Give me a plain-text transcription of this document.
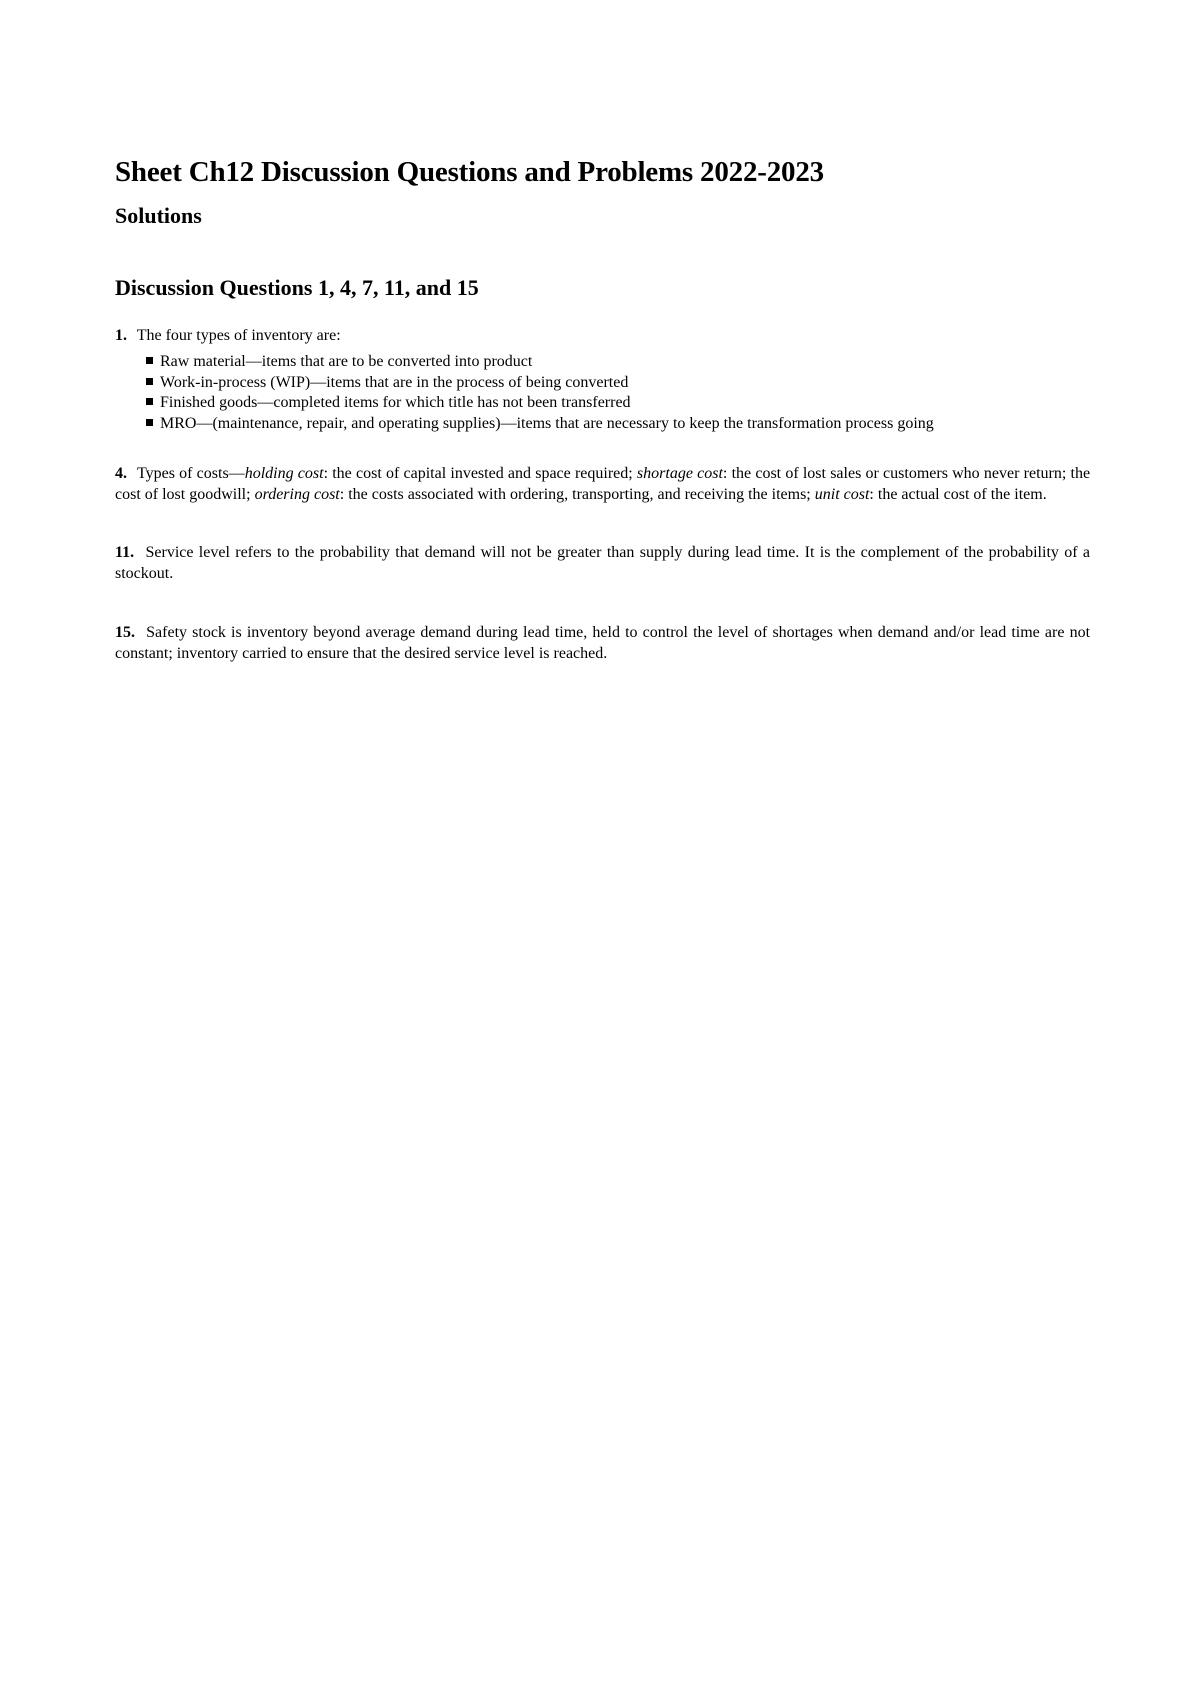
Sheet Ch12 Discussion Questions and Problems 2022-2023
Solutions
Discussion Questions 1, 4, 7, 11, and 15

1. The four types of inventory are:

Raw material—items that are to be converted into product
Work-in-process (WIP)—items that are in the process of being converted
Finished goods—completed items for which title has not been transferred
MRO—(maintenance, repair, and operating supplies)—items that are necessary to keep the transformation process going

4. Types of costs—holding cost: the cost of capital invested and space required; shortage cost: the cost of lost sales or customers who never return; the cost of lost goodwill; ordering cost: the costs associated with ordering, transporting, and receiving the items; unit cost: the actual cost of the item.

11. Service level refers to the probability that demand will not be greater than supply during lead time. It is the complement of the probability of a stockout.

15. Safety stock is inventory beyond average demand during lead time, held to control the level of shortages when demand and/or lead time are not constant; inventory carried to ensure that the desired service level is reached.
